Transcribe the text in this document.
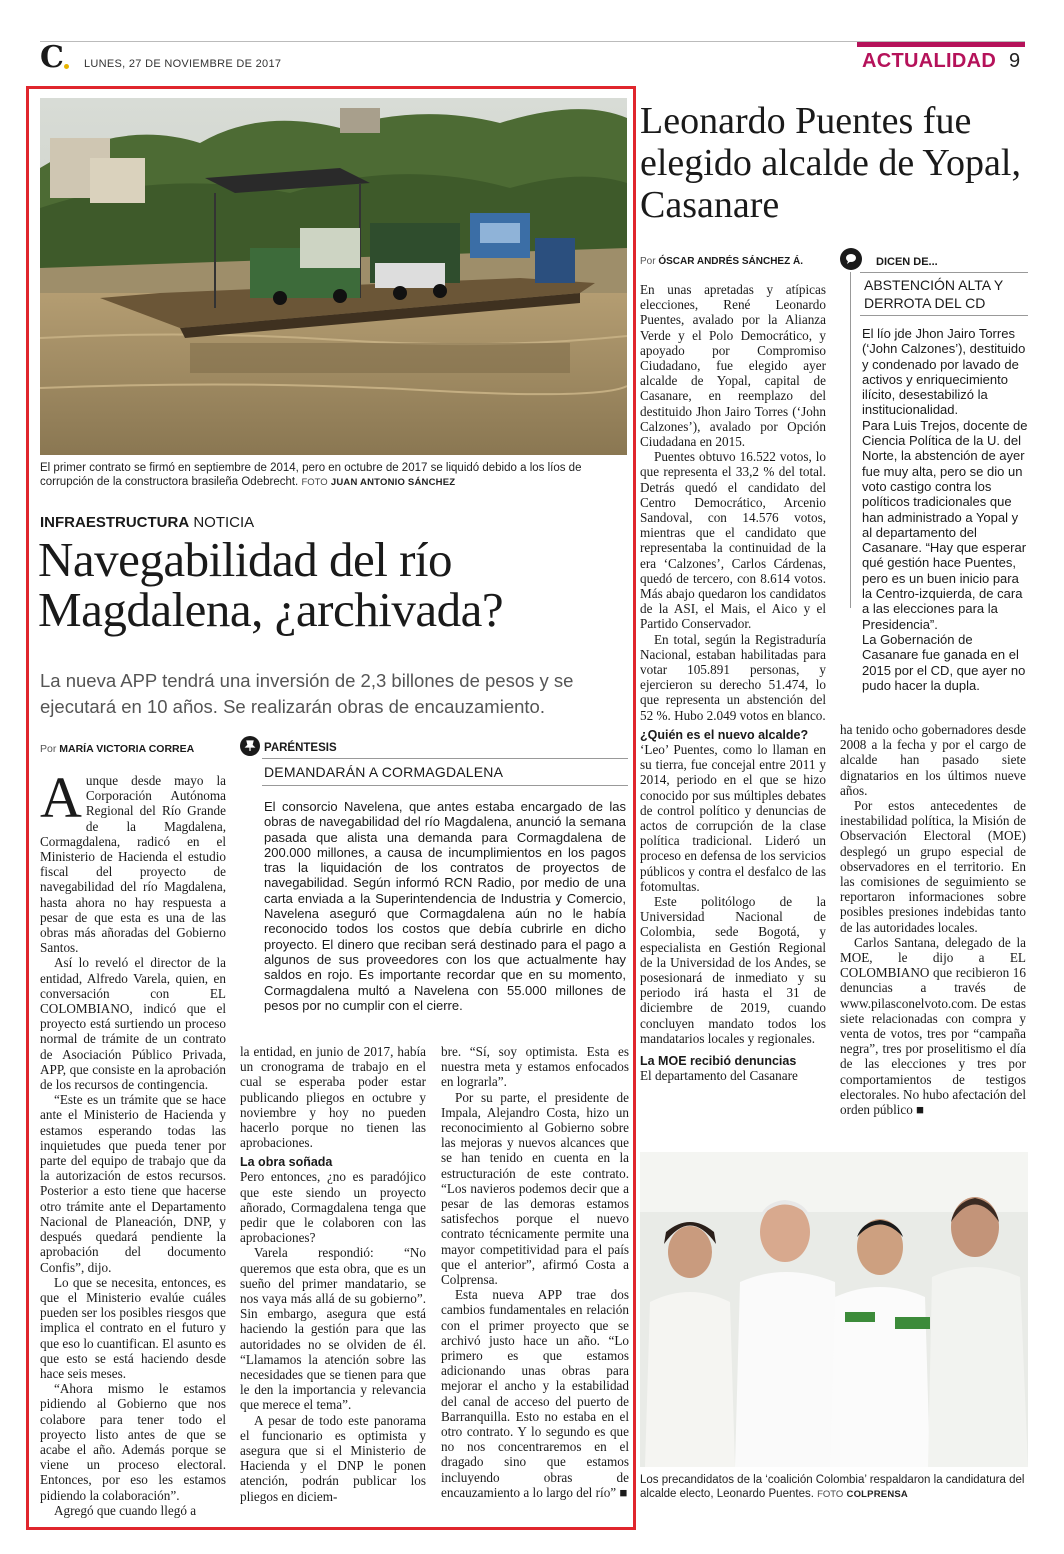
C LUNES, 27 DE NOVIEMBRE DE 2017	ACTUALIDAD 9
El primer contrato se firmó en septiembre de 2014, pero en octubre de 2017 se liquidó debido a los líos de corrupción de la constructora brasileña Odebrecht. FOTO JUAN ANTONIO SÁNCHEZ
INFRAESTRUCTURA NOTICIA
Navegabilidad del río Magdalena, ¿archivada?
La nueva APP tendrá una inversión de 2,3 billones de pesos y se ejecutará en 10 años. Se realizarán obras de encauzamiento.
Por MARÍA VICTORIA CORREA

Aunque desde mayo la Corporación Autónoma Regional del Río Grande de la Magdalena, Cormagdalena, radicó en el Ministerio de Hacienda el estudio fiscal del proyecto de navegabilidad del río Magdalena, hasta ahora no hay respuesta a pesar de que esta es una de las obras más añoradas del Gobierno Santos.

Así lo reveló el director de la entidad, Alfredo Varela, quien, en conversación con EL COLOMBIANO, indicó que el proyecto está surtiendo un proceso normal de trámite de un contrato de Asociación Público Privada, APP, que consiste en la aprobación de los recursos de contingencia.

“Este es un trámite que se hace ante el Ministerio de Hacienda y estamos esperando todas las inquietudes que pueda tener por parte del equipo de trabajo que da la autorización de estos recursos. Posterior a esto tiene que hacerse otro trámite ante el Departamento Nacional de Planeación, DNP, y después quedará pendiente la aprobación del documento Confis”, dijo.

Lo que se necesita, entonces, es que el Ministerio evalúe cuáles pueden ser los posibles riesgos que implica el contrato en el futuro y que eso lo cuantifican. El asunto es que esto se está haciendo desde hace seis meses.

“Ahora mismo le estamos pidiendo al Gobierno que nos colabore para tener todo el proyecto listo antes de que se acabe el año. Además porque se viene un proceso electoral. Entonces, por eso les estamos pidiendo la colaboración”.

Agregó que cuando llegó a

PARÉNTESIS
DEMANDARÁN A CORMAGDALENA

El consorcio Navelena, que antes estaba encargado de las obras de navegabilidad del río Magdalena, anunció la semana pasada que alista una demanda para Cormagdalena de 200.000 millones, a causa de incumplimientos en los pagos tras la liquidación de los contratos de proyectos de navegabilidad. Según informó RCN Radio, por medio de una carta enviada a la Superintendencia de Industria y Comercio, Navelena aseguró que Cormagdalena aún no le había reconocido todos los costos que debía cubrirle en dicho proyecto. El dinero que reciban será destinado para el pago a algunos de sus proveedores con los que actualmente hay saldos en rojo. Es importante recordar que en su momento, Cormagdalena multó a Navelena con 55.000 millones de pesos por no cumplir con el cierre.

la entidad, en junio de 2017, había un cronograma de trabajo en el cual se esperaba poder estar publicando pliegos en octubre y noviembre y hoy no pueden hacerlo porque no tienen las aprobaciones.

La obra soñada

Pero entonces, ¿no es paradójico que este siendo un proyecto añorado, Cormagdalena tenga que pedir que le colaboren con las aprobaciones?

Varela respondió: “No queremos que esta obra, que es un sueño del primer mandatario, se nos vaya más allá de su gobierno”. Sin embargo, asegura que está haciendo la gestión para que las autoridades no se olviden de él. “Llamamos la atención sobre las necesidades que se tienen para que le den la importancia y relevancia que merece el tema”.

A pesar de todo este panorama el funcionario es optimista y asegura que si el Ministerio de Hacienda y el DNP le ponen atención, podrán publicar los pliegos en diciem-

bre. “Sí, soy optimista. Esta es nuestra meta y estamos enfocados en lograrla”.

Por su parte, el presidente de Impala, Alejandro Costa, hizo un reconocimiento al Gobierno sobre las mejoras y nuevos alcances que se han tenido en cuenta en la estructuración de este contrato. “Los navieros podemos decir que a pesar de las demoras estamos satisfechos porque el nuevo contrato técnicamente permite una mayor competitividad para el país que el anterior”, afirmó Costa a Colprensa.

Esta nueva APP trae dos cambios fundamentales en relación con el primer proyecto que se archivó justo hace un año. “Lo primero es que estamos adicionando unas obras para mejorar el ancho y la estabilidad del canal de acceso del puerto de Barranquilla. Esto no estaba en el otro contrato. Y lo segundo es que no nos concentraremos en el dragado sino que estamos incluyendo obras de encauzamiento a lo largo del río” ■

Leonardo Puentes fue elegido alcalde de Yopal, Casanare
Por ÓSCAR ANDRÉS SÁNCHEZ Á.

En unas apretadas y atípicas elecciones, René Leonardo Puentes, avalado por la Alianza Verde y el Polo Democrático, y apoyado por Compromiso Ciudadano, fue elegido ayer alcalde de Yopal, capital de Casanare, en reemplazo del destituido Jhon Jairo Torres (‘John Calzones’), avalado por Opción Ciudadana en 2015.

Puentes obtuvo 16.522 votos, lo que representa el 33,2 % del total. Detrás quedó el candidato del Centro Democrático, Arcenio Sandoval, con 14.576 votos, mientras que el candidato que representaba la continuidad de la era ‘Calzones’, Carlos Cárdenas, quedó de tercero, con 8.614 votos. Más abajo quedaron los candidatos de la ASI, el Mais, el Aico y el Partido Conservador.

En total, según la Registraduría Nacional, estaban habilitadas para votar 105.891 personas, y ejercieron su derecho 51.474, lo que representa un abstención del 52 %. Hubo 2.049 votos en blanco.

¿Quién es el nuevo alcalde?

‘Leo’ Puentes, como lo llaman en su tierra, fue concejal entre 2011 y 2014, periodo en el que se hizo conocido por sus múltiples debates de control político y denuncias de actos de corrupción de la clase política tradicional. Lideró un proceso en defensa de los servicios públicos y contra el desfalco de las fotomultas.

Este politólogo de la Universidad Nacional de Colombia, sede Bogotá, y especialista en Gestión Regional de la Universidad de los Andes, se posesionará de inmediato y su periodo irá hasta el 31 de diciembre de 2019, cuando concluyen mandato todos los mandatarios locales y regionales.

La MOE recibió denuncias

El departamento del Casanare

DICEN DE...
ABSTENCIÓN ALTA Y DERROTA DEL CD

El lío jde Jhon Jairo Torres (‘John Calzones’), destituido y condenado por lavado de activos y enriquecimiento ilícito, desestabilizó la institucionalidad.

Para Luis Trejos, docente de Ciencia Política de la U. del Norte, la abstención de ayer fue muy alta, pero se dio un voto castigo contra los políticos tradicionales que han administrado a Yopal y al departamento del Casanare. “Hay que esperar qué gestión hace Puentes, pero es un buen inicio para la Centro-izquierda, de cara a las elecciones para la Presidencia”.

La Gobernación de Casanare fue ganada en el 2015 por el CD, que ayer no pudo hacer la dupla.

ha tenido ocho gobernadores desde 2008 a la fecha y por el cargo de alcalde han pasado siete dignatarios en los últimos nueve años.

Por estos antecedentes de inestabilidad política, la Misión de Observación Electoral (MOE) desplegó un grupo especial de observadores en el territorio. En las comisiones de seguimiento se reportaron informaciones sobre posibles presiones indebidas tanto de las autoridades locales.

Carlos Santana, delegado de la MOE, le dijo a EL COLOMBIANO que recibieron 16 denuncias a través de www.pilasconelvoto.com. De estas siete relacionadas con compra y venta de votos, tres por “campaña negra”, tres por proselitismo el día de las elecciones y tres por comportamientos de testigos electorales. No hubo afectación del orden público ■

Los precandidatos de la ‘coalición Colombia’ respaldaron la candidatura del alcalde electo, Leonardo Puentes. FOTO COLPRENSA
